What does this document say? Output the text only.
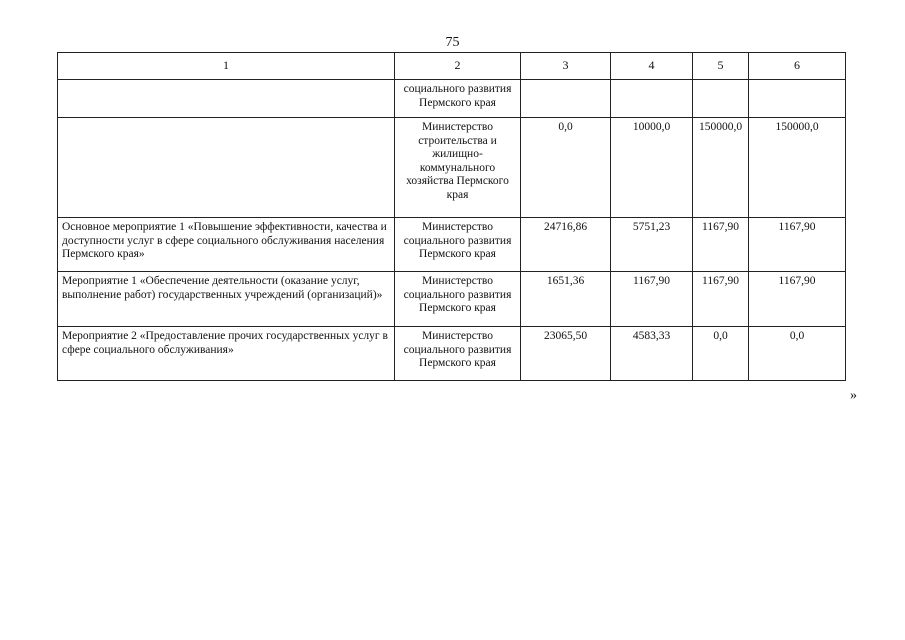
75
1	2	3	4	5	6
	социального развития Пермского края				
	Министерство строительства и жилищно-коммунального хозяйства Пермского края	0,0	10000,0	150000,0	150000,0
Основное мероприятие 1 «Повышение эффективности, качества и доступности услуг в сфере социального обслуживания населения Пермского края»	Министерство социального развития Пермского края	24716,86	5751,23	1167,90	1167,90
Мероприятие 1 «Обеспечение деятельности (оказание услуг, выполнение работ) государственных учреждений (организаций)»	Министерство социального развития Пермского края	1651,36	1167,90	1167,90	1167,90
Мероприятие 2 «Предоставление прочих государственных услуг в сфере социального обслуживания»	Министерство социального развития Пермского края	23065,50	4583,33	0,0	0,0
»
